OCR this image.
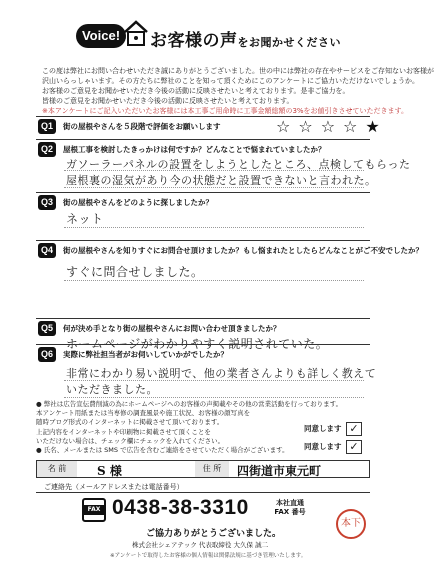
Voice!	お客様の声をお聞かせください

この度は弊社にお問い合わせいただき誠にありがとうございました。世の中には弊社の存在やサービスをご存知ないお客様が

沢山いらっしゃいます。その方たちに弊社のことを知って頂くためにこのアンケートにご協力いただけないでしょうか。

お客様のご意見をお聞かせいただき今後の活動に反映させたいと考えております。是非ご協力を。

皆様のご意見をお聞かせいただき今後の活動に反映させたいと考えております。

※本アンケートにご記入いただいたお客様には本工事ご用命時に工事金額総額の3%をお値引きさせていただきます。

Q1	街の屋根やさんを５段階で評価をお願いします	☆☆☆☆★
Q2	屋根工事を検討したきっかけは何ですか？どんなことで悩まれていましたか？
ガソーラーパネルの設置をしようとしたところ、点検してもらった
屋根裏の湿気があり今の状態だと設置できないと言われた。
Q3	街の屋根やさんをどのように探しましたか？
ネット
Q4	街の屋根やさんを知りすぐにお問合せ頂けましたか？もし悩まれたとしたらどんなことがご不安でしたか？
すぐに問合せしました。
Q5	何が決め手となり街の屋根やさんにお問い合わせ頂きましたか？
ホームページがわかりやすく説明されていた。
Q6	実際に弊社担当者がお伺いしていかがでしたか？
非常にわかり易い説明で、他の業者さんよりも詳しく教えて
いただきました。

● 弊社は広告宣伝費削減の為にホームページへのお客様の声掲載やその他の営業活動を行っております。

本アンケート用紙または当専修の調査風景や施工状況、お客様の顔写真を

随時ブログ形式のインターネットに掲載させて頂いております。

上記内容をインターネットや印刷物に掲載させて頂くことを

いただけない場合は、チェック欄にチェックを入れてください。

● 氏名、メールまたは SMS で広告を含むご連絡をさせていただく場合がございます。

同意します ✓
同意します ✓
名 前	S 様	住 所	四街道市東元町
ご連絡先（メールアドレスまたは電話番号）
FAX 0438-38-3310	本社直通 FAX 番号
ご協力ありがとうございました。
株式会社シェアテック 代表取締役 大久保 誠二
※アンケートで取得したお客様の個人情報は関係法規に基づき管理いたします。
本下
